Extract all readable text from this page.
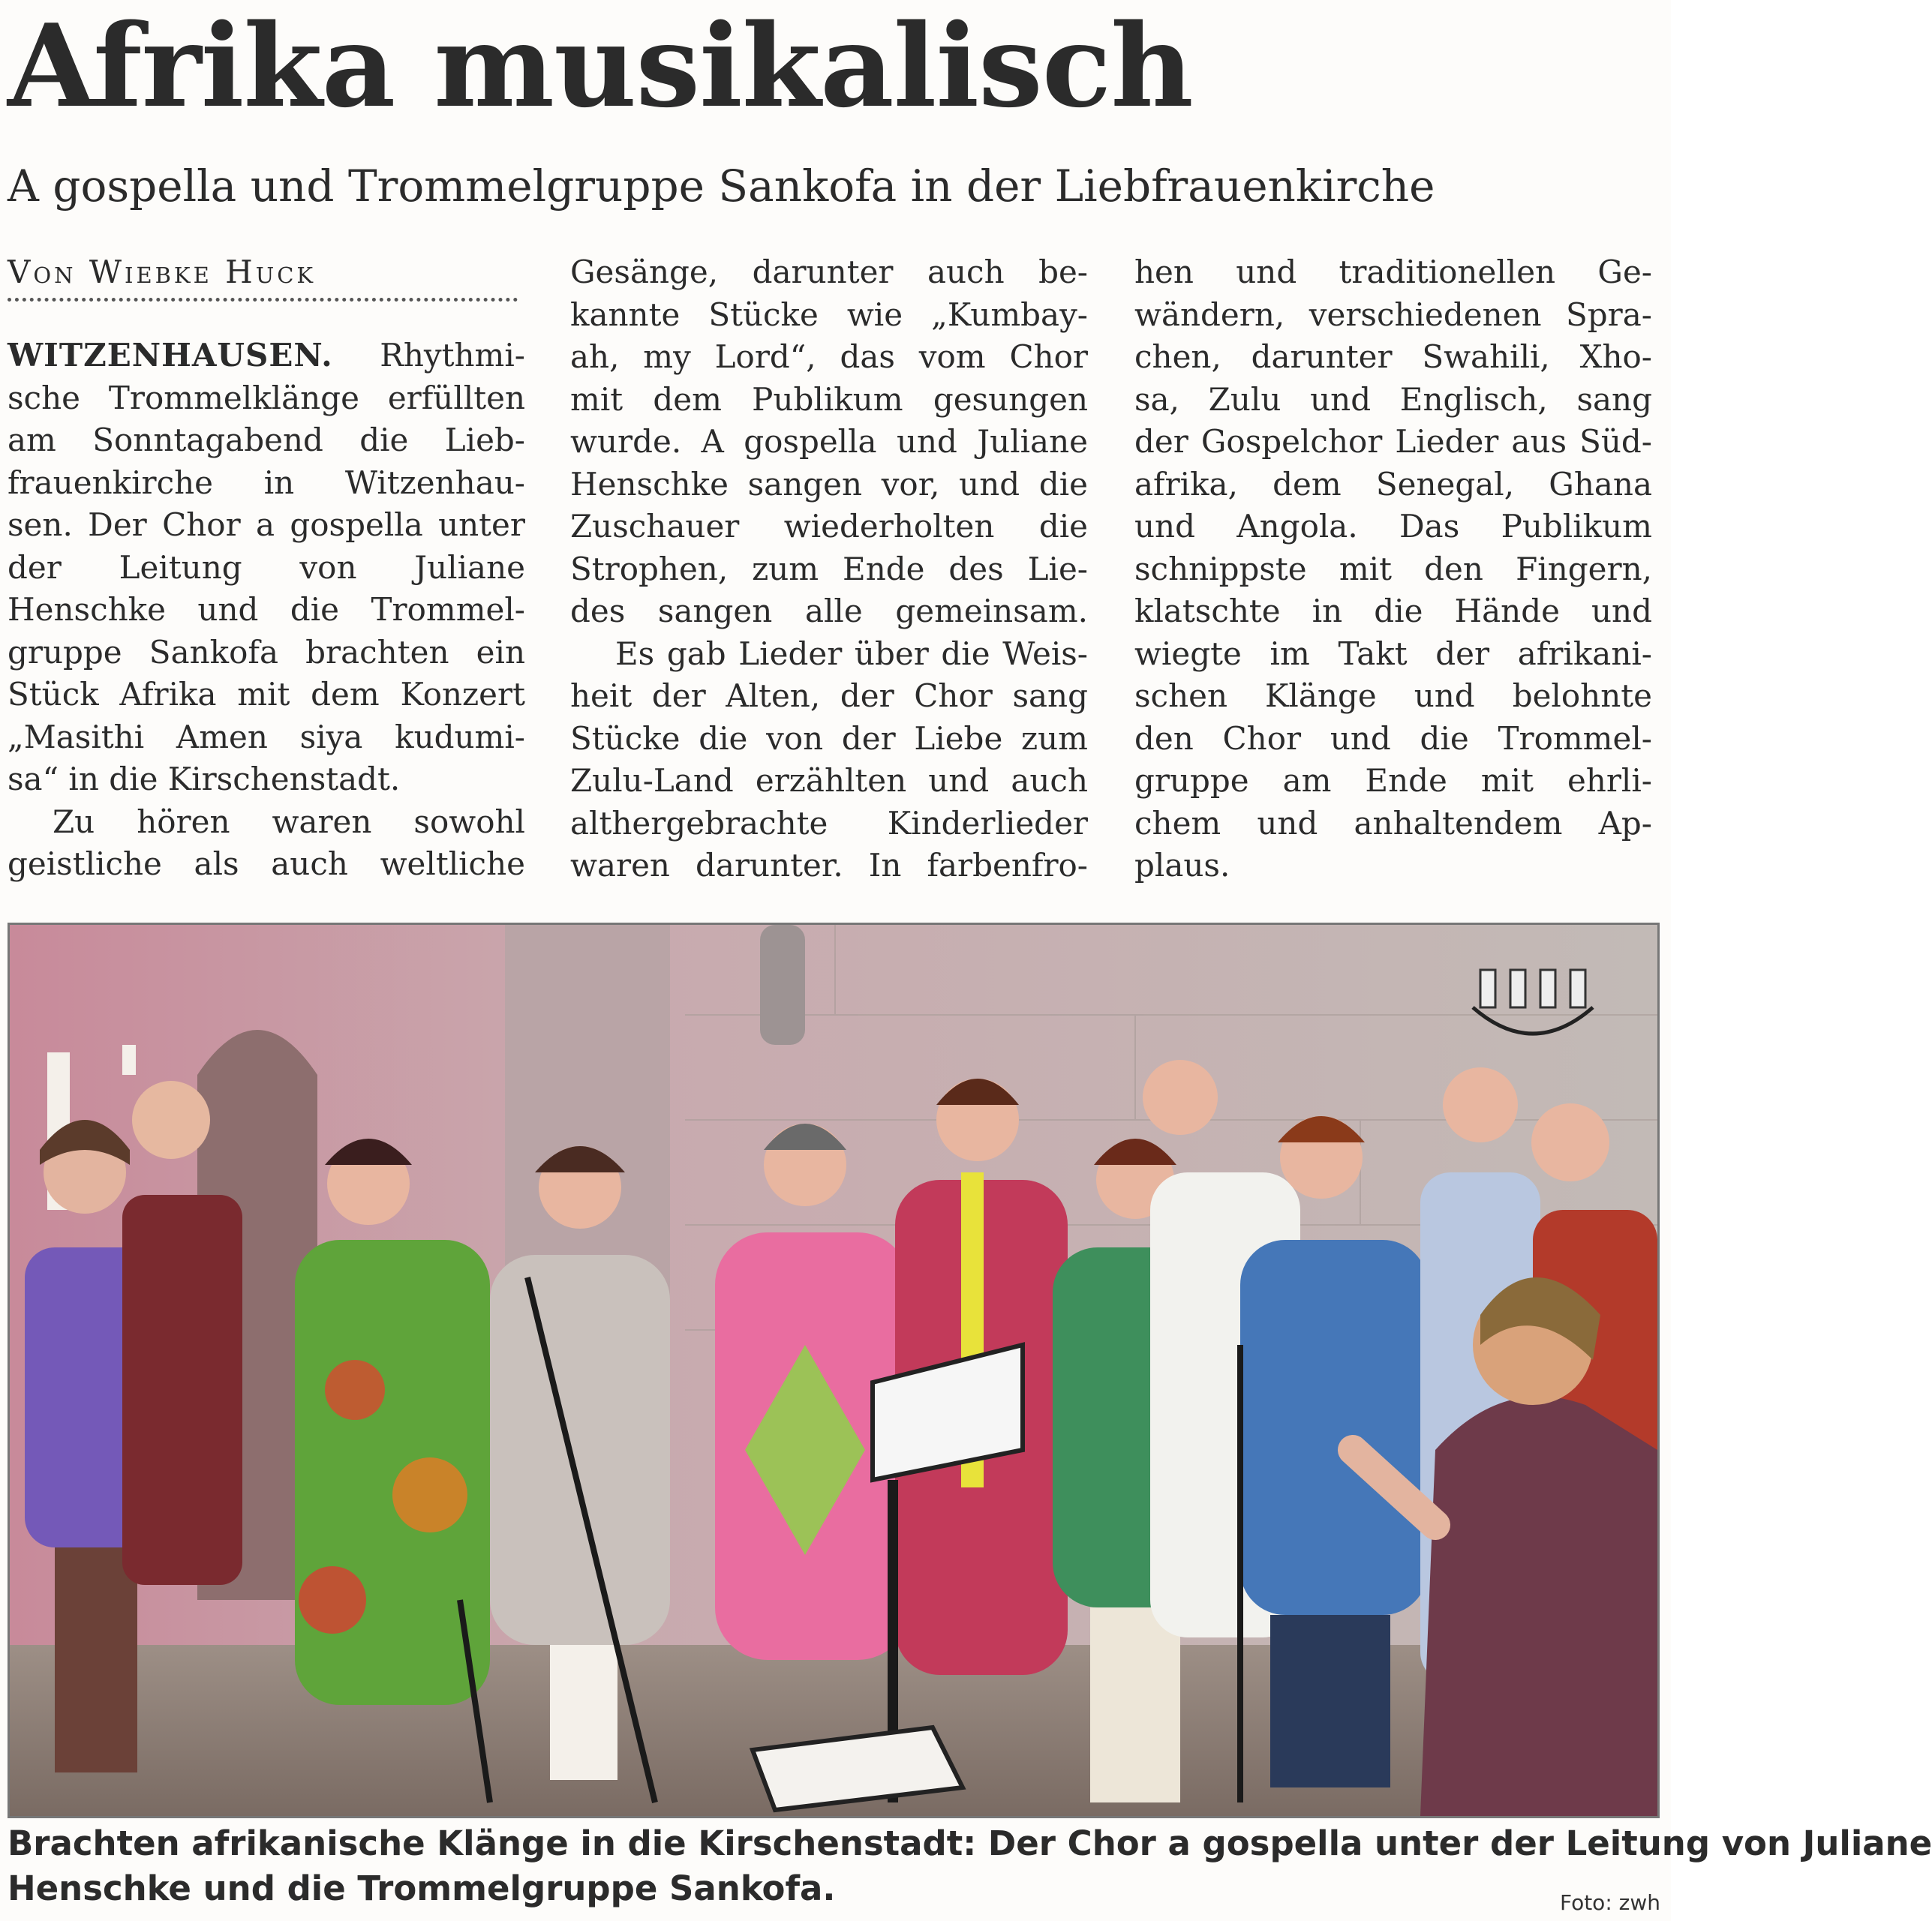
Afrika musikalisch
A gospella und Trommelgruppe Sankofa in der Liebfrauenkirche
Von Wiebke Huck
WITZENHAUSEN. Rhythmi-
sche Trommelklänge erfüllten
am Sonntagabend die Lieb-
frauenkirche in Witzenhau-
sen. Der Chor a gospella unter
der Leitung von Juliane
Henschke und die Trommel-
gruppe Sankofa brachten ein
Stück Afrika mit dem Konzert
„Masithi Amen siya kudumi-
sa“ in die Kirschenstadt.
Zu hören waren sowohl
geistliche als auch weltliche
Gesänge, darunter auch be-
kannte Stücke wie „Kumbay-
ah, my Lord“, das vom Chor
mit dem Publikum gesungen
wurde. A gospella und Juliane
Henschke sangen vor, und die
Zuschauer wiederholten die
Strophen, zum Ende des Lie-
des sangen alle gemeinsam.
Es gab Lieder über die Weis-
heit der Alten, der Chor sang
Stücke die von der Liebe zum
Zulu-Land erzählten und auch
althergebrachte Kinderlieder
waren darunter. In farbenfro-
hen und traditionellen Ge-
wändern, verschiedenen Spra-
chen, darunter Swahili, Xho-
sa, Zulu und Englisch, sang
der Gospelchor Lieder aus Süd-
afrika, dem Senegal, Ghana
und Angola. Das Publikum
schnippste mit den Fingern,
klatschte in die Hände und
wiegte im Takt der afrikani-
schen Klänge und belohnte
den Chor und die Trommel-
gruppe am Ende mit ehrli-
chem und anhaltendem Ap-
plaus.
Brachten afrikanische Klänge in die Kirschenstadt: Der Chor a gospella unter der Leitung von Juliane
Henschke und die Trommelgruppe Sankofa.	Foto: zwh
